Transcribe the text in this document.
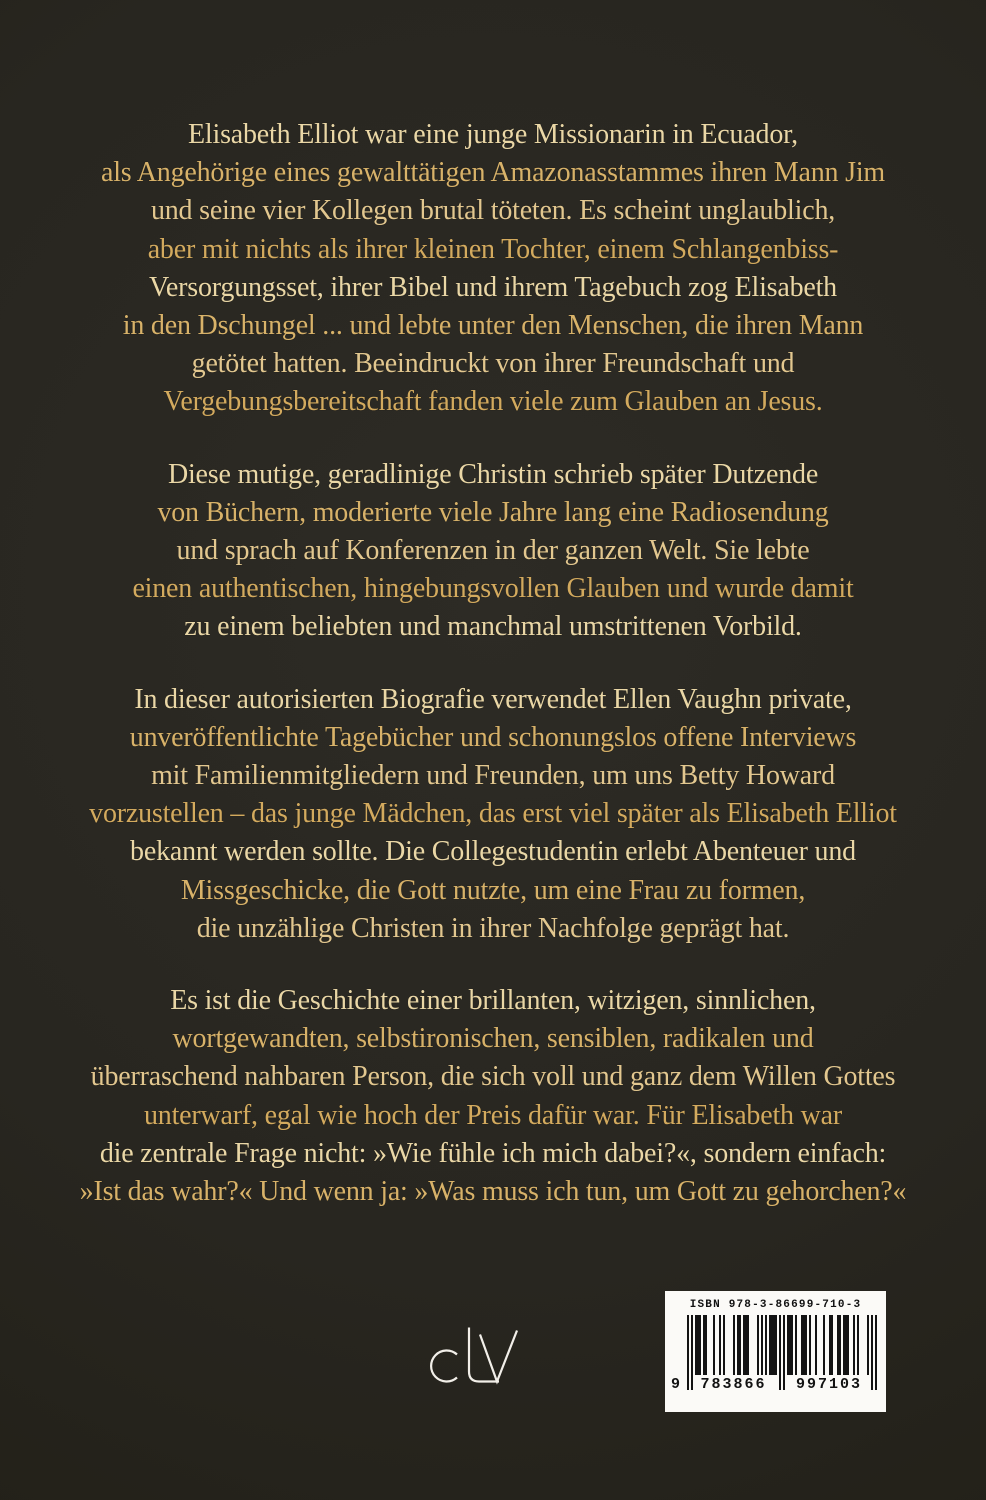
Elisabeth Elliot war eine junge Missionarin in Ecuador,
als Angehörige eines gewalttätigen Amazonasstammes ihren Mann Jim
und seine vier Kollegen brutal töteten. Es scheint unglaublich,
aber mit nichts als ihrer kleinen Tochter, einem Schlangenbiss-
Versorgungsset, ihrer Bibel und ihrem Tagebuch zog Elisabeth
in den Dschungel ... und lebte unter den Menschen, die ihren Mann
getötet hatten. Beeindruckt von ihrer Freundschaft und
Vergebungsbereitschaft fanden viele zum Glauben an Jesus.
Diese mutige, geradlinige Christin schrieb später Dutzende
von Büchern, moderierte viele Jahre lang eine Radiosendung
und sprach auf Konferenzen in der ganzen Welt. Sie lebte
einen authentischen, hingebungsvollen Glauben und wurde damit
zu einem beliebten und manchmal umstrittenen Vorbild.
In dieser autorisierten Biografie verwendet Ellen Vaughn private,
unveröffentlichte Tagebücher und schonungslos offene Interviews
mit Familienmitgliedern und Freunden, um uns Betty Howard
vorzustellen – das junge Mädchen, das erst viel später als Elisabeth Elliot
bekannt werden sollte. Die Collegestudentin erlebt Abenteuer und
Missgeschicke, die Gott nutzte, um eine Frau zu formen,
die unzählige Christen in ihrer Nachfolge geprägt hat.
Es ist die Geschichte einer brillanten, witzigen, sinnlichen,
wortgewandten, selbstironischen, sensiblen, radikalen und
überraschend nahbaren Person, die sich voll und ganz dem Willen Gottes
unterwarf, egal wie hoch der Preis dafür war. Für Elisabeth war
die zentrale Frage nicht: »Wie fühle ich mich dabei?«, sondern einfach:
»Ist das wahr?« Und wenn ja: »Was muss ich tun, um Gott zu gehorchen?«
ISBN 978-3-86699-710-3
9	783866	997103
